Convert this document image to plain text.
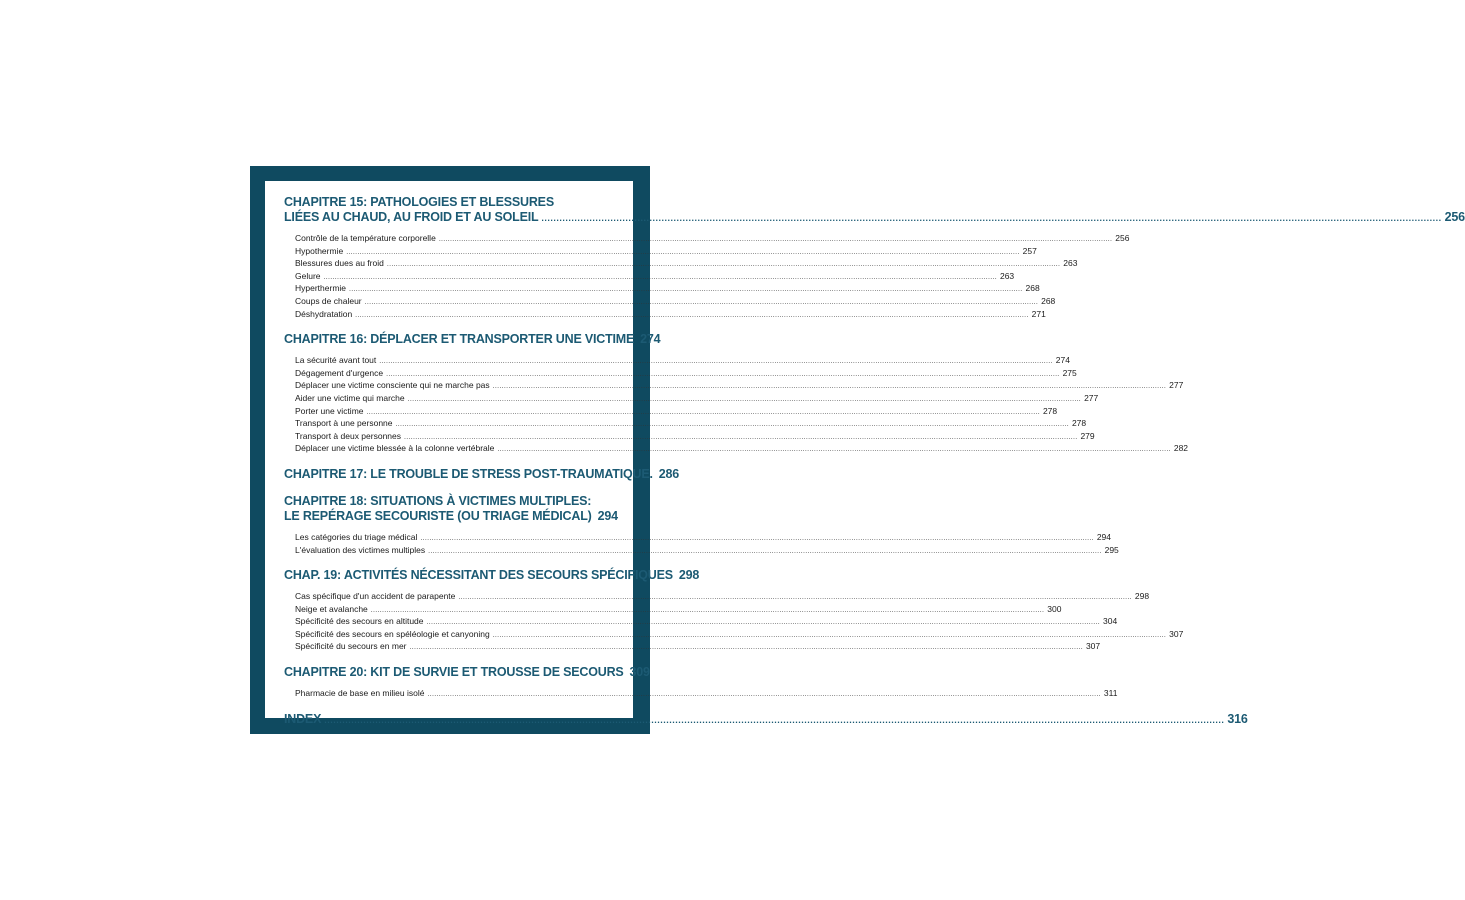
CHAPITRE 15: PATHOLOGIES ET BLESSURES
LIÉES AU CHAUD, AU FROID ET AU SOLEIL ............................................................................................................................................................................................................................................................................................................ 256
Contrôle de la température corporelle ............................................................................................................................................................................................................................................................................................................ 256
Hypothermie ............................................................................................................................................................................................................................................................................................................ 257
Blessures dues au froid ............................................................................................................................................................................................................................................................................................................ 263
Gelure ............................................................................................................................................................................................................................................................................................................ 263
Hyperthermie ............................................................................................................................................................................................................................................................................................................ 268
Coups de chaleur ............................................................................................................................................................................................................................................................................................................ 268
Déshydratation ............................................................................................................................................................................................................................................................................................................ 271
CHAPITRE 16: DÉPLACER ET TRANSPORTER UNE VICTIME 274
La sécurité avant tout ............................................................................................................................................................................................................................................................................................................ 274
Dégagement d'urgence ............................................................................................................................................................................................................................................................................................................ 275
Déplacer une victime consciente qui ne marche pas ............................................................................................................................................................................................................................................................................................................ 277
Aider une victime qui marche ............................................................................................................................................................................................................................................................................................................ 277
Porter une victime ............................................................................................................................................................................................................................................................................................................ 278
Transport à une personne ............................................................................................................................................................................................................................................................................................................ 278
Transport à deux personnes ............................................................................................................................................................................................................................................................................................................ 279
Déplacer une victime blessée à la colonne vertébrale ............................................................................................................................................................................................................................................................................................................ 282
CHAPITRE 17: LE TROUBLE DE STRESS POST-TRAUMATIQUE. 286
CHAPITRE 18: SITUATIONS À VICTIMES MULTIPLES:
LE REPÉRAGE SECOURISTE (OU TRIAGE MÉDICAL) 294
Les catégories du triage médical ............................................................................................................................................................................................................................................................................................................ 294
L'évaluation des victimes multiples ............................................................................................................................................................................................................................................................................................................ 295
CHAP. 19: ACTIVITÉS NÉCESSITANT DES SECOURS SPÉCIFIQUES 298
Cas spécifique d'un accident de parapente ............................................................................................................................................................................................................................................................................................................ 298
Neige et avalanche ............................................................................................................................................................................................................................................................................................................ 300
Spécificité des secours en altitude ............................................................................................................................................................................................................................................................................................................ 304
Spécificité des secours en spéléologie et canyoning ............................................................................................................................................................................................................................................................................................................ 307
Spécificité du secours en mer ............................................................................................................................................................................................................................................................................................................ 307
CHAPITRE 20: KIT DE SURVIE ET TROUSSE DE SECOURS 309
Pharmacie de base en milieu isolé ............................................................................................................................................................................................................................................................................................................ 311
INDEX ............................................................................................................................................................................................................................................................................................................ 316
